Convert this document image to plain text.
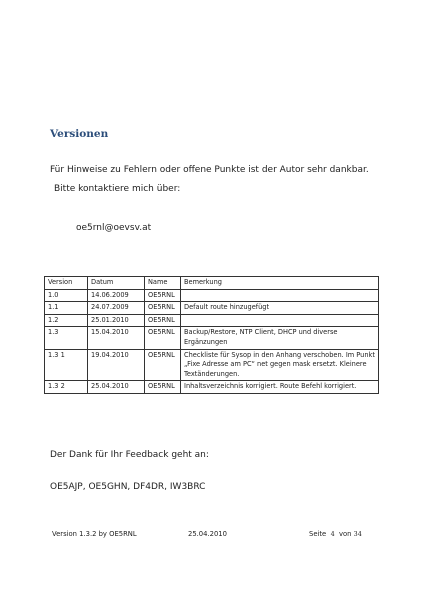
Versionen
Für Hinweise zu Fehlern oder offene Punkte ist der Autor sehr dankbar.
Bitte kontaktiere mich über:
oe5rnl@oevsv.at
Version	Datum	Name	Bemerkung
1.0	14.06.2009	OE5RNL	
1.1	24.07.2009	OE5RNL	Default route hinzugefügt
1.2	25.01.2010	OE5RNL	
1.3	15.04.2010	OE5RNL	Backup/Restore, NTP Client, DHCP und diverse Ergänzungen
1.3 1	19.04.2010	OE5RNL	Checkliste für Sysop in den Anhang verschoben. Im Punkt „Fixe Adresse am PC“ net gegen mask ersetzt. Kleinere Textänderungen.
1.3 2	25.04.2010	OE5RNL	Inhaltsverzeichnis korrigiert. Route Befehl korrigiert.
Der Dank für Ihr Feedback geht an:
OE5AJP, OE5GHN, DF4DR, IW3BRC
Version 1.3.2 by OE5RNL	25.04.2010	Seite 4 von 34
